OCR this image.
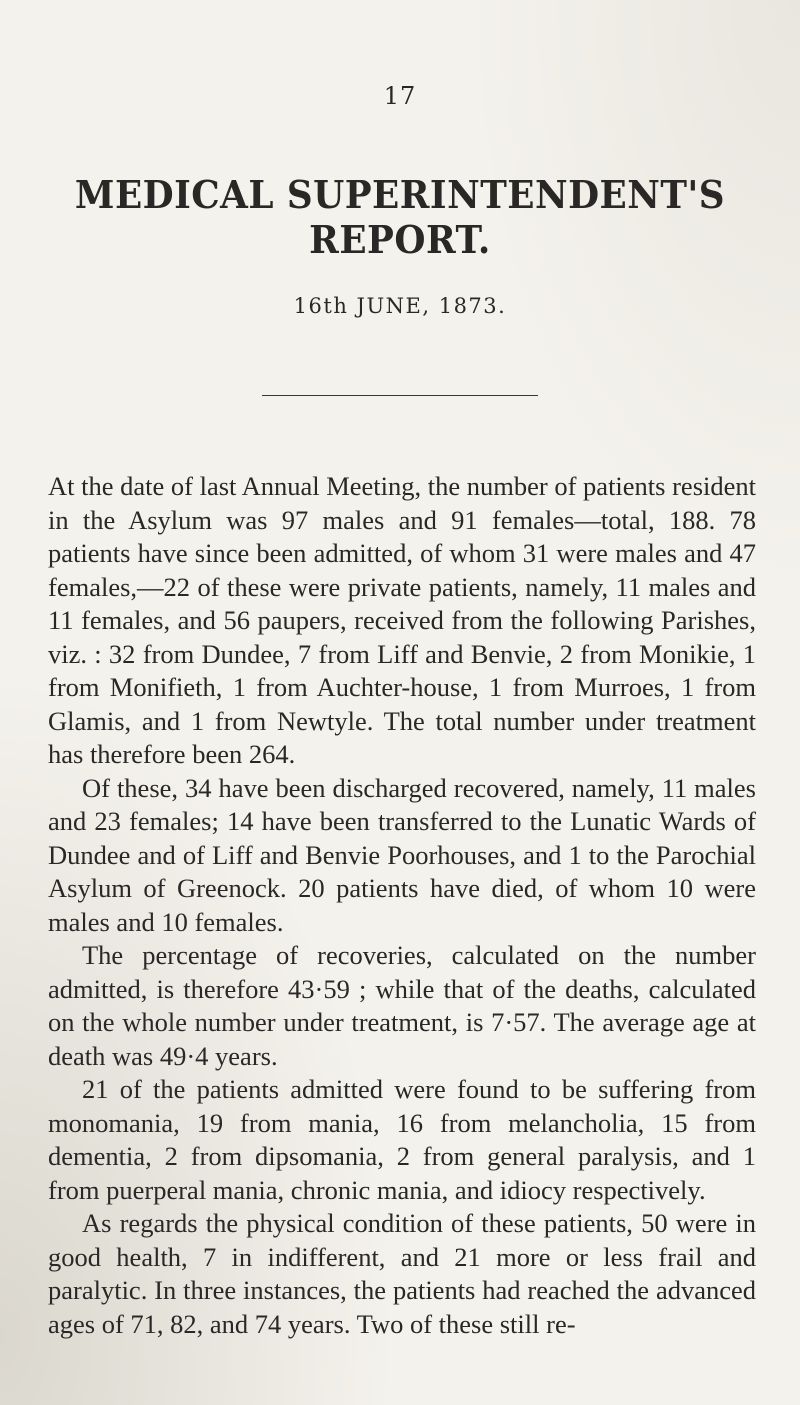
17
MEDICAL SUPERINTENDENT'S REPORT.
16th JUNE, 1873.

At the date of last Annual Meeting, the number of patients resident in the Asylum was 97 males and 91 females—total, 188. 78 patients have since been admitted, of whom 31 were males and 47 females,—22 of these were private patients, namely, 11 males and 11 females, and 56 paupers, received from the following Parishes, viz. : 32 from Dundee, 7 from Liff and Benvie, 2 from Monikie, 1 from Monifieth, 1 from Auchter-house, 1 from Murroes, 1 from Glamis, and 1 from Newtyle. The total number under treatment has therefore been 264.

Of these, 34 have been discharged recovered, namely, 11 males and 23 females; 14 have been transferred to the Lunatic Wards of Dundee and of Liff and Benvie Poorhouses, and 1 to the Parochial Asylum of Greenock. 20 patients have died, of whom 10 were males and 10 females.

The percentage of recoveries, calculated on the number admitted, is therefore 43·59 ; while that of the deaths, calculated on the whole number under treatment, is 7·57. The average age at death was 49·4 years.

21 of the patients admitted were found to be suffering from monomania, 19 from mania, 16 from melancholia, 15 from dementia, 2 from dipsomania, 2 from general paralysis, and 1 from puerperal mania, chronic mania, and idiocy respectively.

As regards the physical condition of these patients, 50 were in good health, 7 in indifferent, and 21 more or less frail and paralytic. In three instances, the patients had reached the advanced ages of 71, 82, and 74 years. Two of these still re-
